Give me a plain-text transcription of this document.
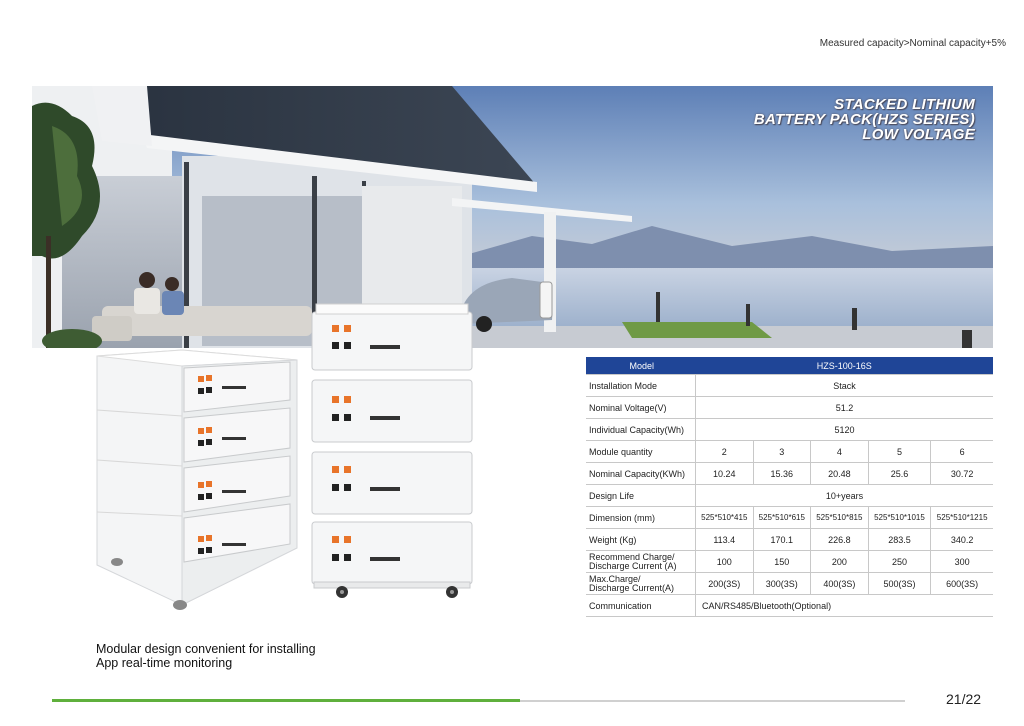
Measured capacity>Nominal capacity+5%
STACKED LITHIUM
BATTERY PACK(HZS SERIES)
LOW VOLTAGE
Model	HZS-100-16S				
Installation Mode	Stack				
Nominal Voltage(V)	51.2				
Individual Capacity(Wh)	5120				
Module quantity	2	3	4	5	6
Nominal Capacity(KWh)	10.24	15.36	20.48	25.6	30.72
Design Life	10+years				
Dimension (mm)	525*510*415	525*510*615	525*510*815	525*510*1015	525*510*1215
Weight (Kg)	113.4	170.1	226.8	283.5	340.2

Recommend Charge/
Discharge Current (A)	100	150	200	250	300

Max.Charge/
Discharge Current(A)	200(3S)	300(3S)	400(3S)	500(3S)	600(3S)
Communication	CAN/RS485/Bluetooth(Optional)				
Modular design convenient for installing
App real-time monitoring
21/22
